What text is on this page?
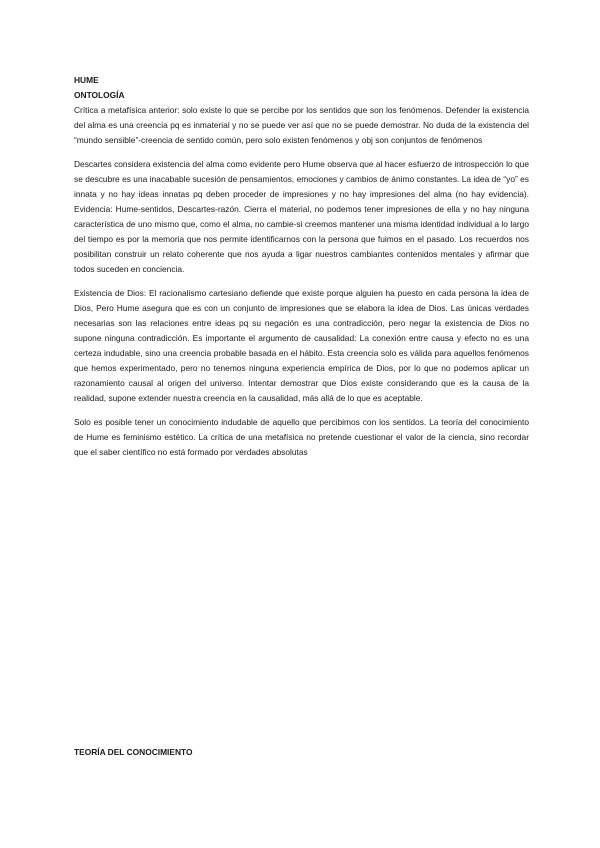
HUME

ONTOLOGÍA

Crítica a metafísica anterior: solo existe lo que se percibe por los sentidos que son los fenómenos. Defender la existencia del alma es una creencia pq es inmaterial y no se puede ver así que no se puede demostrar. No duda de la existencia del “mundo sensible”-creencia de sentido común, pero solo existen fenómenos y obj son conjuntos de fenómenos

Descartes considera existencia del alma como evidente pero Hume observa que al hacer esfuerzo de introspección lo que se descubre es una inacabable sucesión de pensamientos, emociones y cambios de ánimo constantes. La idea de “yo” es innata y no hay ideas innatas pq deben proceder de impresiones y no hay impresiones del alma (no hay evidencia). Evidencia: Hume-sentidos, Descartes-razón. Cierra el material, no podemos tener impresiones de ella y no hay ninguna característica de uno mismo que, como el alma, no cambie-si creemos mantener una misma identidad individual a lo largo del tiempo es por la memoria que nos permite identificarnos con la persona que fuimos en el pasado. Los recuerdos nos posibilitan construir un relato coherente que nos ayuda a ligar nuestros cambiantes contenidos mentales y afirmar que todos suceden en conciencia.

Existencia de Dios: El racionalismo cartesiano defiende que existe porque alguien ha puesto en cada persona la idea de Dios, Pero Hume asegura que es con un conjunto de impresiones que se elabora la idea de Dios. Las únicas verdades necesarias son las relaciones entre ideas pq su negación es una contradicción, pero negar la existencia de Dios no supone ninguna contradicción. Es importante el argumento de causalidad: La conexión entre causa y efecto no es una certeza indudable, sino una creencia probable basada en el hábito. Esta creencia solo es válida para aquellos fenómenos que hemos experimentado, pero no tenemos ninguna experiencia empírica de Dios, por lo que no podemos aplicar un razonamiento causal al origen del universo. Intentar demostrar que Dios existe considerando que es la causa de la realidad, supone extender nuestra creencia en la causalidad, más allá de lo que es aceptable.

Solo es posible tener un conocimiento indudable de aquello que percibimos con los sentidos. La teoría del conocimiento de Hume es feminismo estético. La crítica de una metafísica no pretende cuestionar el valor de la ciencia, sino recordar que el saber científico no está formado por verdades absolutas

TEORÍA DEL CONOCIMIENTO
